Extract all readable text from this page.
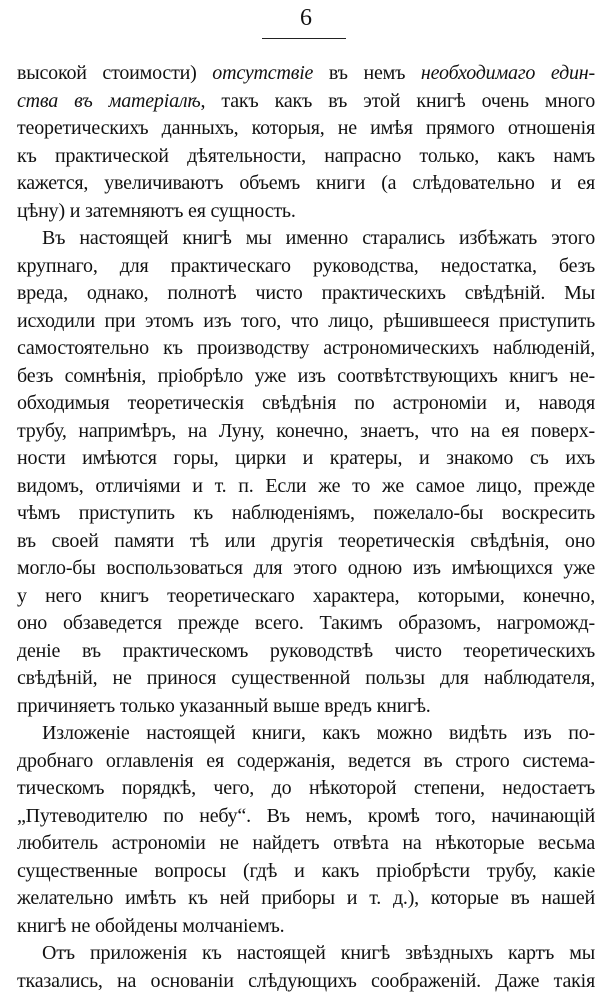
6
высокой стоимости) отсутствіе въ немъ необходимаго един-
ства въ матеріалѣ, такъ какъ въ этой книгѣ очень много
теоретическихъ данныхъ, которыя, не имѣя прямого отношенія
къ практической дѣятельности, напрасно только, какъ намъ
кажется, увеличиваютъ объемъ книги (а слѣдовательно и ея
цѣну) и затемняютъ ея сущность.
Въ настоящей книгѣ мы именно старались избѣжать этого
крупнаго, для практическаго руководства, недостатка, безъ
вреда, однако, полнотѣ чисто практическихъ свѣдѣній. Мы
исходили при этомъ изъ того, что лицо, рѣшившееся приступить
самостоятельно къ производству астрономическихъ наблюденій,
безъ сомнѣнія, пріобрѣло уже изъ соотвѣтствующихъ книгъ не-
обходимыя теоретическія свѣдѣнія по астрономіи и, наводя
трубу, напримѣръ, на Луну, конечно, знаетъ, что на ея поверх-
ности имѣются горы, цирки и кратеры, и знакомо съ ихъ
видомъ, отличіями и т. п. Если же то же самое лицо, прежде
чѣмъ приступить къ наблюденіямъ, пожелало-бы воскресить
въ своей памяти тѣ или другія теоретическія свѣдѣнія, оно
могло-бы воспользоваться для этого одною изъ имѣющихся уже
у него книгъ теоретическаго характера, которыми, конечно,
оно обзаведется прежде всего. Такимъ образомъ, нагроможд-
деніе въ практическомъ руководствѣ чисто теоретическихъ
свѣдѣній, не принося существенной пользы для наблюдателя,
причиняетъ только указанный выше вредъ книгѣ.
Изложеніе настоящей книги, какъ можно видѣть изъ по-
дробнаго оглавленія ея содержанія, ведется въ строго система-
тическомъ порядкѣ, чего, до нѣкоторой степени, недостаетъ
„Путеводителю по небу“. Въ немъ, кромѣ того, начинающій
любитель астрономіи не найдетъ отвѣта на нѣкоторые весьма
существенные вопросы (гдѣ и какъ пріобрѣсти трубу, какіе
желательно имѣть къ ней приборы и т. д.), которые въ нашей
книгѣ не обойдены молчаніемъ.
Отъ приложенія къ настоящей книгѣ звѣздныхъ картъ мы
тказались, на основаніи слѣдующихъ соображеній. Даже такія
